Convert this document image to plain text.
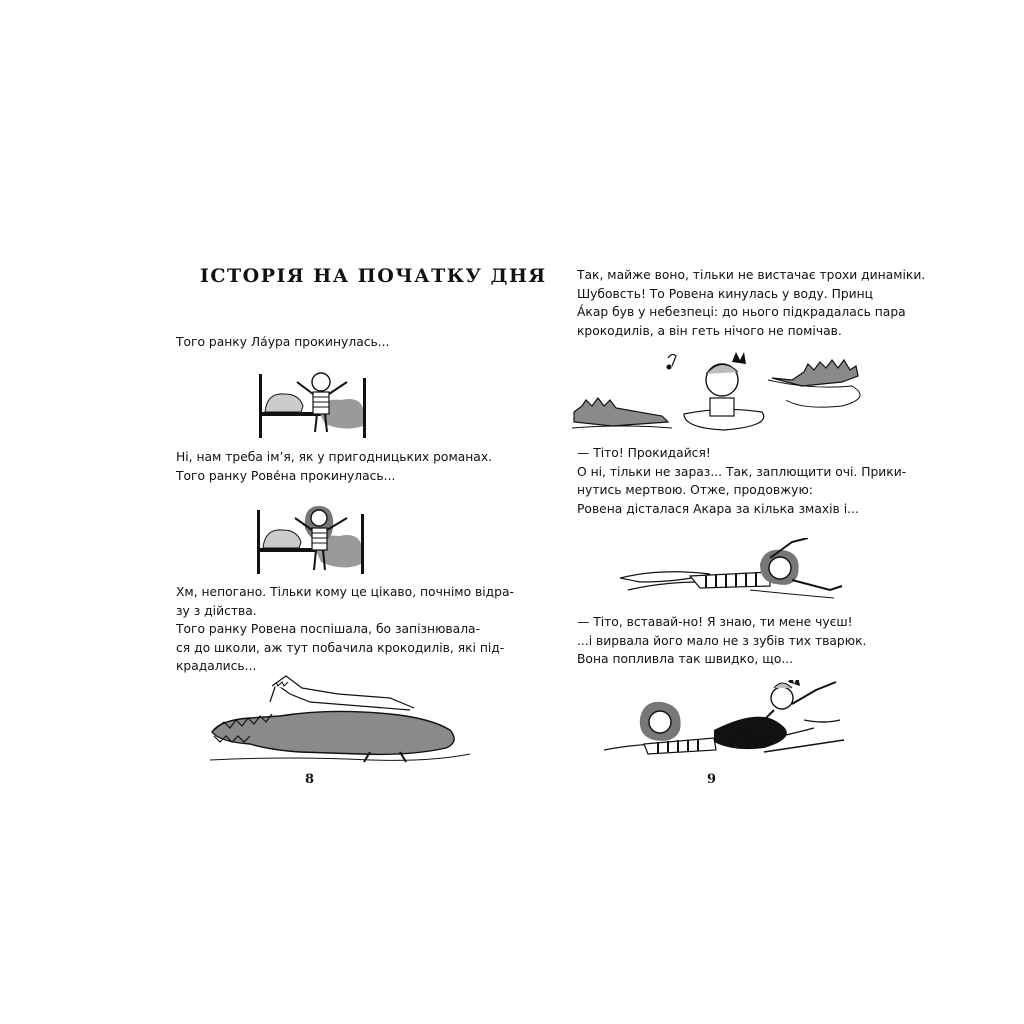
ІСТОРІЯ НА ПОЧАТКУ ДНЯ
Того ранку Ла́ура прокинулась...
Ні, нам треба ім’я, як у пригодницьких романах.
Того ранку Рове́на прокинулась...
Хм, непогано. Тільки кому це цікаво, почнімо відра-
зу з дійства.
Того ранку Ровена поспішала, бо запізнювала-
ся до школи, аж тут побачила крокодилів, які під-
крадались...
8
Так, майже воно, тільки не вистачає трохи динаміки.
Шубовсть! То Ровена кинулась у воду. Принц
А́кар був у небезпеці: до нього підкрадалась пара
крокодилів, а він геть нічого не помічав.
— Тіто! Прокидайся!
О ні, тільки не зараз... Так, заплющити очі. Прики-
нутись мертвою. Отже, продовжую:
Ровена дісталася Акара за кілька змахів і...
— Тіто, вставай-но! Я знаю, ти мене чуєш!
...і вирвала його мало не з зубів тих тварюк.
Вона попливла так швидко, що...
9
